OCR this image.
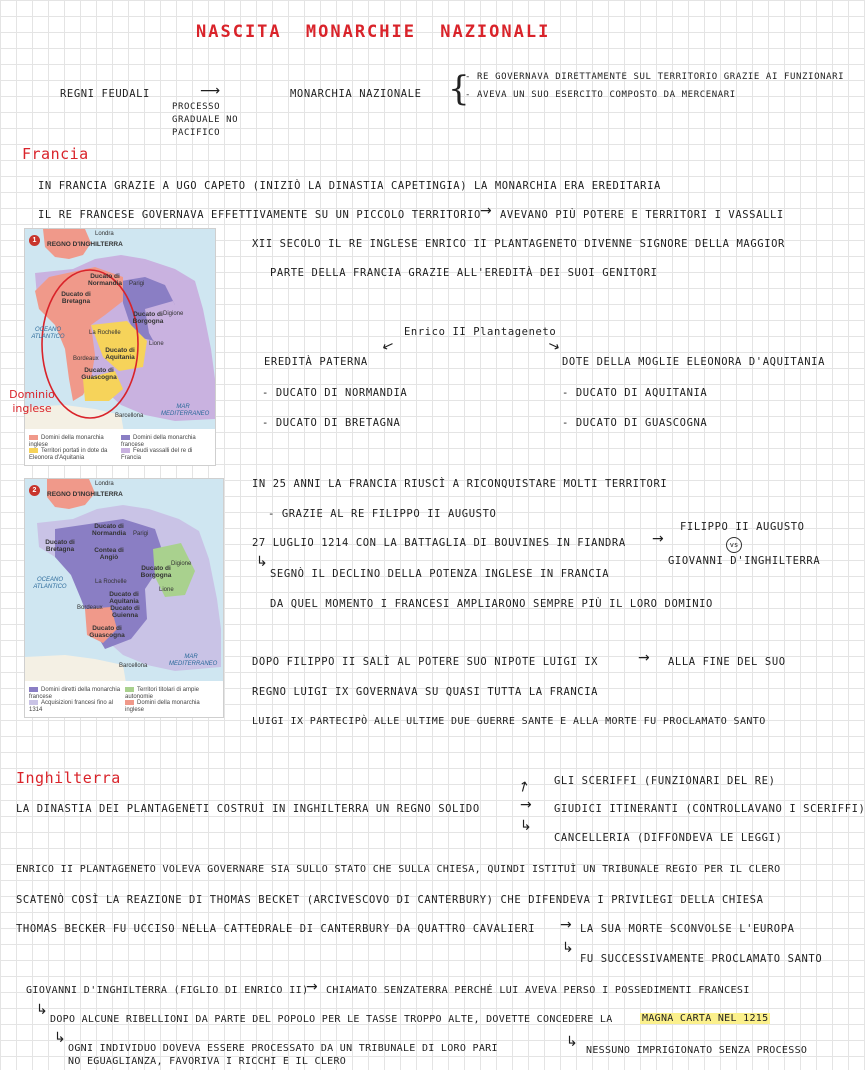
NASCITA MONARCHIE NAZIONALI
REGNI FEUDALI	⟶
PROCESSO GRADUALE NO PACIFICO
MONARCHIA NAZIONALE {
- RE GOVERNAVA DIRETTAMENTE SUL TERRITORIO GRAZIE AI FUNZIONARI
- AVEVA UN SUO ESERCITO COMPOSTO DA MERCENARI
Francia
IN FRANCIA GRAZIE A UGO CAPETO (INIZIÒ LA DINASTIA CAPETINGIA) LA MONARCHIA ERA EREDITARIA
IL RE FRANCESE GOVERNAVA EFFETTIVAMENTE SU UN PICCOLO TERRITORIO → AVEVANO PIÙ POTERE E TERRITORI I VASSALLI
1
Londra
REGNO D'INGHILTERRA
Ducato di Normandia	Parigi
Ducato di Bretagna
Ducato di Borgogna
Digione
OCEANO ATLANTICO
La Rochelle
Ducato di Aquitania
Lione
Bordeaux
Ducato di Guascogna
Barcellona
MAR MEDITERRANEO
Domini della monarchia inglese
Domini della monarchia francese
Territori portati in dote da Eleonora d'Aquitania
Feudi vassalli del re di Francia
Dominio inglese
XII SECOLO IL RE INGLESE ENRICO II PLANTAGENETO DIVENNE SIGNORE DELLA MAGGIOR
PARTE DELLA FRANCIA GRAZIE ALL'EREDITÀ DEI SUOI GENITORI
Enrico II Plantageneto
↙	↘
EREDITÀ PATERNA
- DUCATO DI NORMANDIA
- DUCATO DI BRETAGNA
DOTE DELLA MOGLIE ELEONORA D'AQUITANIA
- DUCATO DI AQUITANIA
- DUCATO DI GUASCOGNA
2
Londra
REGNO D'INGHILTERRA
Ducato di Normandia	Parigi
Ducato di Bretagna	Contea di Angiò
Ducato di Borgogna
Digione
OCEANO ATLANTICO
La Rochelle
Ducato di Aquitania
Ducato di Guienna
Lione
Bordeaux
Ducato di Guascogna
Barcellona
MAR MEDITERRANEO
Domini diretti della monarchia francese
Territori titolari di ampie autonomie
Acquisizioni francesi fino al 1314
Domini della monarchia inglese
IN 25 ANNI LA FRANCIA RIUSCÌ A RICONQUISTARE MOLTI TERRITORI
- GRAZIE AL RE FILIPPO II AUGUSTO
27 LUGLIO 1214 CON LA BATTAGLIA DI BOUVINES IN FIANDRA →
FILIPPO II AUGUSTO
vs
GIOVANNI D'INGHILTERRA
↳
SEGNÒ IL DECLINO DELLA POTENZA INGLESE IN FRANCIA
DA QUEL MOMENTO I FRANCESI AMPLIARONO SEMPRE PIÙ IL LORO DOMINIO
DOPO FILIPPO II SALÌ AL POTERE SUO NIPOTE LUIGI IX	→ ALLA FINE DEL SUO
REGNO LUIGI IX GOVERNAVA SU QUASI TUTTA LA FRANCIA
LUIGI IX PARTECIPÒ ALLE ULTIME DUE GUERRE SANTE E ALLA MORTE FU PROCLAMATO SANTO
Inghilterra
LA DINASTIA DEI PLANTAGENETI COSTRUÌ IN INGHILTERRA UN REGNO SOLIDO
↗
→
↳
GLI SCERIFFI (FUNZIONARI DEL RE)
GIUDICI ITINERANTI (CONTROLLAVANO I SCERIFFI)
CANCELLERIA (DIFFONDEVA LE LEGGI)
ENRICO II PLANTAGENETO VOLEVA GOVERNARE SIA SULLO STATO CHE SULLA CHIESA, QUINDI ISTITUÌ UN TRIBUNALE REGIO PER IL CLERO
SCATENÒ COSÌ LA REAZIONE DI THOMAS BECKET (ARCIVESCOVO DI CANTERBURY) CHE DIFENDEVA I PRIVILEGI DELLA CHIESA
THOMAS BECKER FU UCCISO NELLA CATTEDRALE DI CANTERBURY DA QUATTRO CAVALIERI → LA SUA MORTE SCONVOLSE L'EUROPA
↳
FU SUCCESSIVAMENTE PROCLAMATO SANTO
GIOVANNI D'INGHILTERRA (FIGLIO DI ENRICO II)
→ CHIAMATO SENZATERRA PERCHÉ LUI AVEVA PERSO I POSSEDIMENTI FRANCESI
↳
DOPO ALCUNE RIBELLIONI DA PARTE DEL POPOLO PER LE TASSE TROPPO ALTE, DOVETTE CONCEDERE LA	MAGNA CARTA NEL 1215
↳
OGNI INDIVIDUO DOVEVA ESSERE PROCESSATO DA UN TRIBUNALE DI LORO PARI
NO EGUAGLIANZA, FAVORIVA I RICCHI E IL CLERO
↳
NESSUNO IMPRIGIONATO SENZA PROCESSO
